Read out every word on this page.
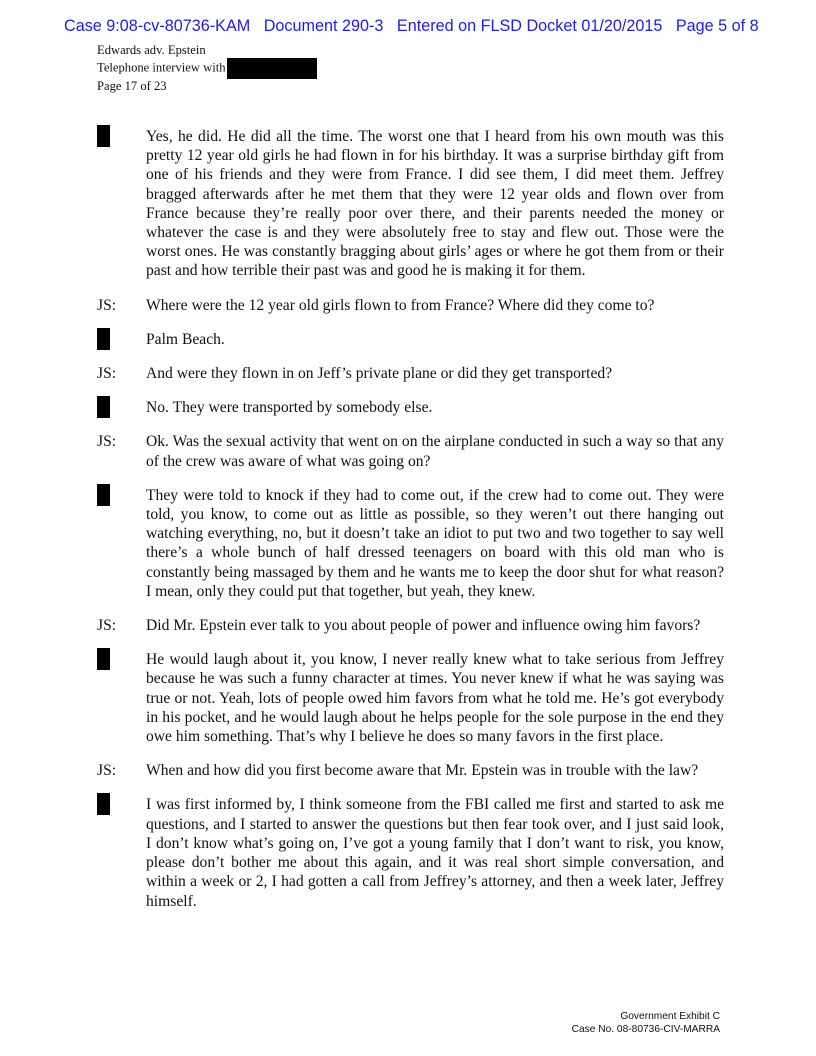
Case 9:08-cv-80736-KAM   Document 290-3   Entered on FLSD Docket 01/20/2015   Page 5 of 8
Edwards adv. Epstein
Telephone interview with
Page 17 of 23
Yes, he did. He did all the time. The worst one that I heard from his own mouth was this pretty 12 year old girls he had flown in for his birthday. It was a surprise birthday gift from one of his friends and they were from France. I did see them, I did meet them. Jeffrey bragged afterwards after he met them that they were 12 year olds and flown over from France because they’re really poor over there, and their parents needed the money or whatever the case is and they were absolutely free to stay and flew out. Those were the worst ones. He was constantly bragging about girls’ ages or where he got them from or their past and how terrible their past was and good he is making it for them.
JS:	Where were the 12 year old girls flown to from France? Where did they come to?
Palm Beach.
JS:	And were they flown in on Jeff’s private plane or did they get transported?
No. They were transported by somebody else.
JS:	Ok. Was the sexual activity that went on on the airplane conducted in such a way so that any of the crew was aware of what was going on?
They were told to knock if they had to come out, if the crew had to come out. They were told, you know, to come out as little as possible, so they weren’t out there hanging out watching everything, no, but it doesn’t take an idiot to put two and two together to say well there’s a whole bunch of half dressed teenagers on board with this old man who is constantly being massaged by them and he wants me to keep the door shut for what reason? I mean, only they could put that together, but yeah, they knew.
JS:	Did Mr. Epstein ever talk to you about people of power and influence owing him favors?
He would laugh about it, you know, I never really knew what to take serious from Jeffrey because he was such a funny character at times. You never knew if what he was saying was true or not. Yeah, lots of people owed him favors from what he told me. He’s got everybody in his pocket, and he would laugh about he helps people for the sole purpose in the end they owe him something. That’s why I believe he does so many favors in the first place.
JS:	When and how did you first become aware that Mr. Epstein was in trouble with the law?
I was first informed by, I think someone from the FBI called me first and started to ask me questions, and I started to answer the questions but then fear took over, and I just said look, I don’t know what’s going on, I’ve got a young family that I don’t want to risk, you know, please don’t bother me about this again, and it was real short simple conversation, and within a week or 2, I had gotten a call from Jeffrey’s attorney, and then a week later, Jeffrey himself.
Government Exhibit C
Case No. 08-80736-CIV-MARRA
